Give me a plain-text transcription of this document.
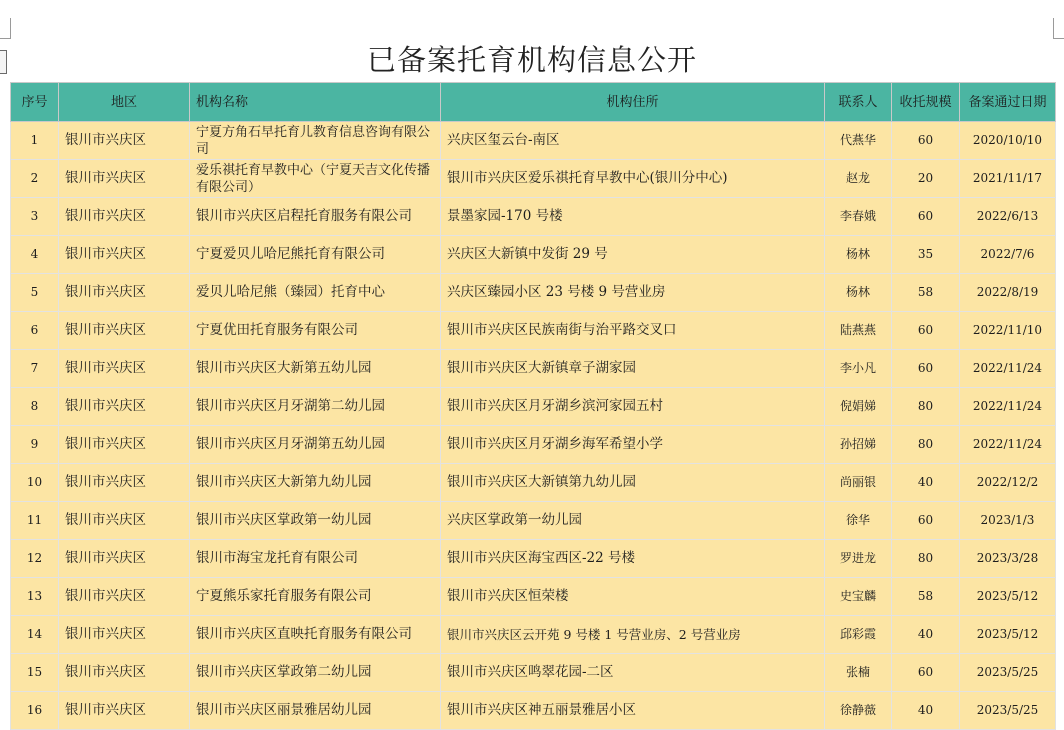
已备案托育机构信息公开
序号	地区	机构名称	机构住所	联系人	收托规模	备案通过日期
1	银川市兴庆区	宁夏方角石早托育儿教育信息咨询有限公司	兴庆区玺云台-南区	代燕华	60	2020/10/10
2	银川市兴庆区	爱乐祺托育早教中心（宁夏天吉文化传播有限公司）	银川市兴庆区爱乐祺托育早教中心(银川分中心)	赵龙	20	2021/11/17
3	银川市兴庆区	银川市兴庆区启程托育服务有限公司	景墨家园-170 号楼	李春娥	60	2022/6/13
4	银川市兴庆区	宁夏爱贝儿哈尼熊托育有限公司	兴庆区大新镇中发街 29 号	杨林	35	2022/7/6
5	银川市兴庆区	爱贝儿哈尼熊（臻园）托育中心	兴庆区臻园小区 23 号楼 9 号营业房	杨林	58	2022/8/19
6	银川市兴庆区	宁夏优田托育服务有限公司	银川市兴庆区民族南街与治平路交叉口	陆燕燕	60	2022/11/10
7	银川市兴庆区	银川市兴庆区大新第五幼儿园	银川市兴庆区大新镇章子湖家园	李小凡	60	2022/11/24
8	银川市兴庆区	银川市兴庆区月牙湖第二幼儿园	银川市兴庆区月牙湖乡滨河家园五村	倪娟娣	80	2022/11/24
9	银川市兴庆区	银川市兴庆区月牙湖第五幼儿园	银川市兴庆区月牙湖乡海军希望小学	孙招娣	80	2022/11/24
10	银川市兴庆区	银川市兴庆区大新第九幼儿园	银川市兴庆区大新镇第九幼儿园	尚丽银	40	2022/12/2
11	银川市兴庆区	银川市兴庆区掌政第一幼儿园	兴庆区掌政第一幼儿园	徐华	60	2023/1/3
12	银川市兴庆区	银川市海宝龙托育有限公司	银川市兴庆区海宝西区-22 号楼	罗进龙	80	2023/3/28
13	银川市兴庆区	宁夏熊乐家托育服务有限公司	银川市兴庆区恒荣楼	史宝麟	58	2023/5/12
14	银川市兴庆区	银川市兴庆区直映托育服务有限公司	银川市兴庆区云开苑 9 号楼 1 号营业房、2 号营业房	邱彩霞	40	2023/5/12
15	银川市兴庆区	银川市兴庆区掌政第二幼儿园	银川市兴庆区鸣翠花园-二区	张楠	60	2023/5/25
16	银川市兴庆区	银川市兴庆区丽景雅居幼儿园	银川市兴庆区神五丽景雅居小区	徐静薇	40	2023/5/25
